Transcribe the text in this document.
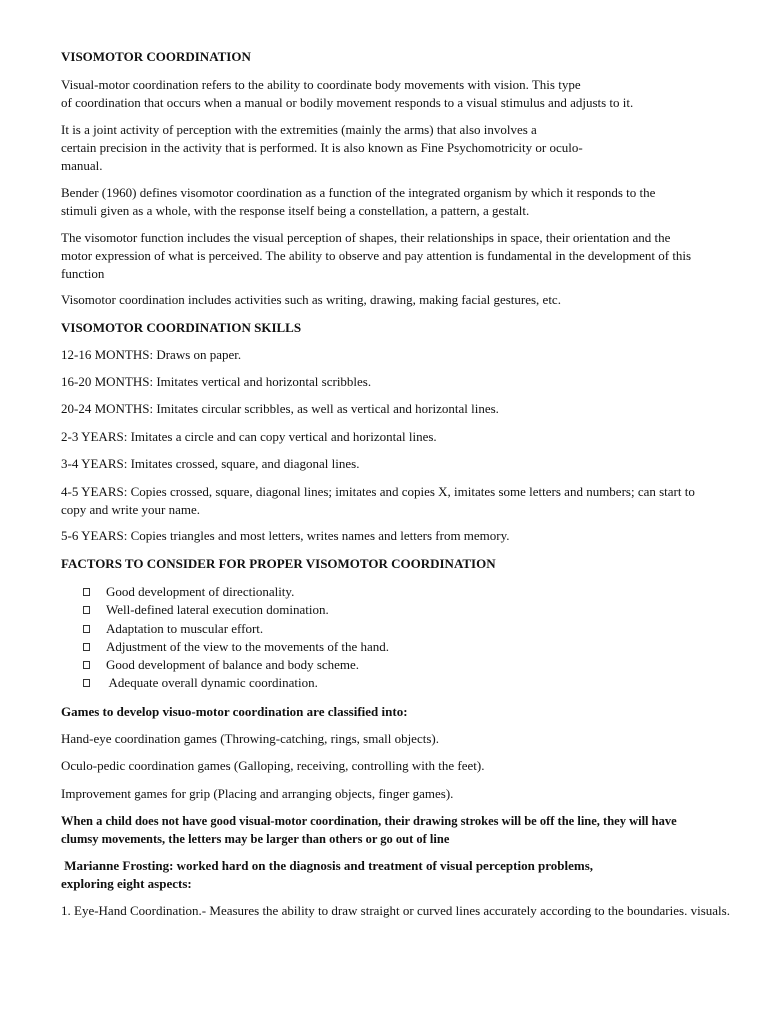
VISOMOTOR COORDINATION
Visual-motor coordination refers to the ability to coordinate body movements with vision. This type
of coordination that occurs when a manual or bodily movement responds to a visual stimulus and adjusts to it.
It is a joint activity of perception with the extremities (mainly the arms) that also involves a
certain precision in the activity that is performed. It is also known as Fine Psychomotricity or oculo-
manual.
Bender (1960) defines visomotor coordination as a function of the integrated organism by which it responds to the
stimuli given as a whole, with the response itself being a constellation, a pattern, a gestalt.
The visomotor function includes the visual perception of shapes, their relationships in space, their orientation and the
motor expression of what is perceived. The ability to observe and pay attention is fundamental in the development of this
function
Visomotor coordination includes activities such as writing, drawing, making facial gestures, etc.
VISOMOTOR COORDINATION SKILLS
12-16 MONTHS: Draws on paper.
16-20 MONTHS: Imitates vertical and horizontal scribbles.
20-24 MONTHS: Imitates circular scribbles, as well as vertical and horizontal lines.
2-3 YEARS: Imitates a circle and can copy vertical and horizontal lines.
3-4 YEARS: Imitates crossed, square, and diagonal lines.
4-5 YEARS: Copies crossed, square, diagonal lines; imitates and copies X, imitates some letters and numbers; can start to
copy and write your name.
5-6 YEARS: Copies triangles and most letters, writes names and letters from memory.
FACTORS TO CONSIDER FOR PROPER VISOMOTOR COORDINATION
Good development of directionality.
Well-defined lateral execution domination.
Adaptation to muscular effort.
Adjustment of the view to the movements of the hand.
Good development of balance and body scheme.
Adequate overall dynamic coordination.
Games to develop visuo-motor coordination are classified into:
Hand-eye coordination games (Throwing-catching, rings, small objects).
Oculo-pedic coordination games (Galloping, receiving, controlling with the feet).
Improvement games for grip (Placing and arranging objects, finger games).
When a child does not have good visual-motor coordination, their drawing strokes will be off the line, they will have
clumsy movements, the letters may be larger than others or go out of line
Marianne Frosting: worked hard on the diagnosis and treatment of visual perception problems,
exploring eight aspects:
1. Eye-Hand Coordination.- Measures the ability to draw straight or curved lines accurately according to the boundaries. visuals.
